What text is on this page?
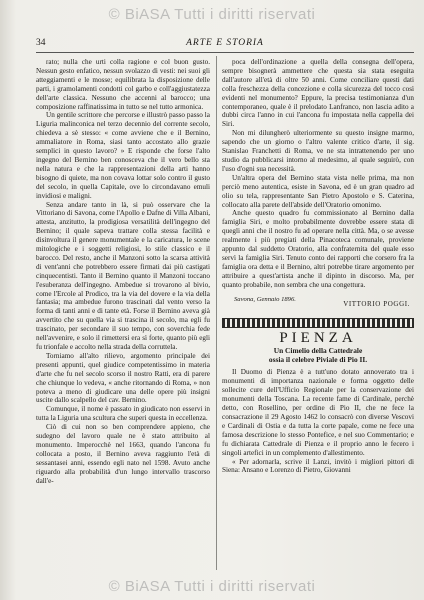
© BiASA Tutti i diritti riservati
34	ARTE E STORIA

rato; nulla che urti colla ragione e col buon gusto. Nessun gesto enfatico, nessun svolazzo di vesti: nei suoi gli atteggiamenti e le mosse; equilibrata la disposizione delle parti, i gramolamenti condotti col garbo e coll'aggiustatezza dell'arte classica. Nessuno che accenni al barocco; una composizione raffinatissima in tutto se nel tutto armonica.

Un gentile scrittore che percorse e illustrò passo passo la Liguria malinconica nel terzo decennio del corrente secolo, chiedeva a sè stesso: « come avviene che e il Bernino, ammaliatore in Roma, siasi tanto accostato allo grazie semplici in questo lavoro? » E risponde che forse l'alto ingegno del Bernino ben conosceva che il vero bello sta nella natura e che la rappresentazioni della arti hanno bisogno di quiete, ma non covava lottar solo contro il gusto del secolo, in quella Capitale, ove lo circondavano emuli invidiosi e maligni.

Senza andare tanto in là, si può osservare che la Vittoriano di Savona, come l'Apollo e Dafne di Villa Albani, attesta, anzitutto, la prodigiosa versatilità dell'ingegno del Bernino; il quale sapeva trattare colla stessa facilità e disinvoltura il genere monumentale e la caricatura, le scene mitologiche e i soggetti religiosi, lo stile classico e il barocco. Del resto, anche il Manzoni sotto la scarsa attività di vent'anni che potrebbero essere firmati dai più castigati cinquecentisti. Tanto il Bernino quanto il Manzoni toccano l'esuberanza dell'ingegno. Ambedue si trovarono al bivio, come l'Ercole al Prodico, tra la via del dovere e la via della fantasia; ma ambedue furono trascinati dal vento verso la forma di tanti anni e di tante età. Forse il Bernino aveva già avvertito che su quella via si trascina il secolo, ma egli fu trascinato, per secondare il suo tempo, con soverchia fede nell'avvenire, e solo il rimettersi era sì forte, quanto più egli fu trionfale e accolto nella strada della corruttela.

Torniamo all'alto rilievo, argomento principale dei presenti appunti, quel giudice competentissimo in materia d'arte che fu nel secolo scorso il nostro Ratti, era di parere che chiunque lo vedeva, « anche ritornando di Roma, » non poteva a meno di giudicare una delle opere più insigni uscite dallo scalpello del cav. Bernino.

Comunque, il nome è passato in giudicato non esservi in tutta la Liguria una scultura che superi questa in eccellenza.

Ciò di cui non so ben comprendere appieno, che sudegno del lavoro quale ne è stato attribuito al monumento. Imperocchè nel 1663, quando l'ancona fu collocata a posto, il Bernino aveva raggiunto l'età di sessantasei anni, essendo egli nato nel 1598. Avuto anche riguardo alla probabilità d'un lungo intervallo trascorso dall'e-

poca dell'ordinazione a quella della consegna dell'opera, sempre bisognerà ammettere che questa sia stata eseguita dall'autore all'età di oltre 50 anni. Come conciliare questi dati colla freschezza della concezione e colla sicurezza del tocco così evidenti nel monumento? Eppure, la precisa testimonianza d'un contemporaneo, quale è il prelodato Lanfranco, non lascia adito a dubbi circa l'anno in cui l'ancona fu impostata nella cappella dei Siri.

Non mi dilungherò ulteriormente su questo insigne marmo, sapendo che un giorno o l'altro valente critico d'arte, il sig. Stanislao Franchetti di Roma, ve ne sta intrattenendo per uno studio da pubblicarsi intorno al medesimo, al quale seguirò, con l'uso d'ogni sua necessità.

Un'altra opera del Bernino stata vista nelle prima, ma non perciò meno autentica, esiste in Savona, ed è un gran quadro ad olio su tela, rappresentante San Pietro Apostolo e S. Caterina, collocato alla parete dell'abside dell'Oratorio omonimo.

Anche questo quadro fu commissionato al Bernino dalla famiglia Siri, e molto probabilmente dovrebbe essere stata di quegli anni che il nostro fu ad operare nella città. Ma, o se avesse realmente i più pregiati della Pinacoteca comunale, proviene appunto dal suddetto Oratorio, alla confraternita del quale esso servì la famiglia Siri. Tenuto conto dei rapporti che corsero fra la famiglia ora detta e il Bernino, altri potrebbe tirare argomento per attribuire a quest'artista anche il dipinto in discorso. Ma, per quanto probabile, non sembra che una congettura.

Savona, Gennaio 1896.
VITTORIO POGGI.
PIENZA
Un Cimelio della Cattedrale
ossia il celebre Piviale di Pio II.

Il Duomo di Pienza è a tutt'uno dotato annoverato tra i monumenti di importanza nazionale e forma oggetto delle sollecite cure dell'Ufficio Regionale per la conservazione dei monumenti della Toscana. La recente fame di Cardinale, perchè detto, con Rosellino, per ordine di Pio II, che ne fece la consacrazione il 29 Agosto 1462 lo consacrò con diverse Vescovi e Cardinali di Ostia e da tutta la corte papale, come ne fece una famosa descrizione lo stesso Pontefice, e nel suo Commentario; e fu dichiarata Cattedrale di Pienza e il proprio anno le fecero i singoli artefici in un complemento d'allestimento.

« Per adornarla, scrive il Lanzi, invitò i migliori pittori di Siena: Ansano e Lorenzo di Pietro, Giovanni

© BiASA Tutti i diritti riservati
